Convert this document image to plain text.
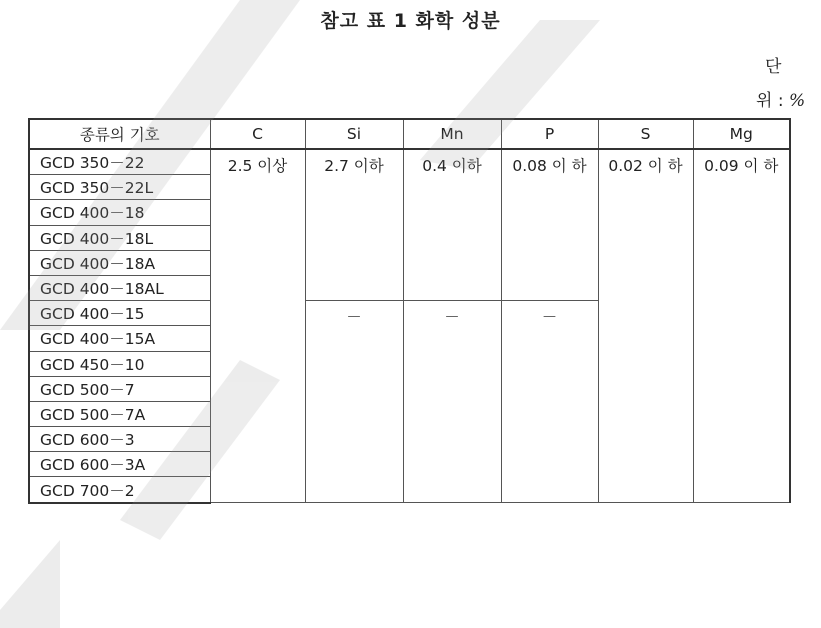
참고 표 1 화학 성분
단
위 : %
종류의 기호	C	Si	Mn	P	S	Mg
GCD 350－22	2.5 이상	2.7 이하	0.4 이하	0.08 이 하	0.02 이 하	0.09 이 하
GCD 350－22L						
GCD 400－18						
GCD 400－18L						
GCD 400－18A						
GCD 400－18AL						
GCD 400－15		－	－	－		
GCD 400－15A						
GCD 450－10						
GCD 500－7						
GCD 500－7A						
GCD 600－3						
GCD 600－3A						
GCD 700－2						
